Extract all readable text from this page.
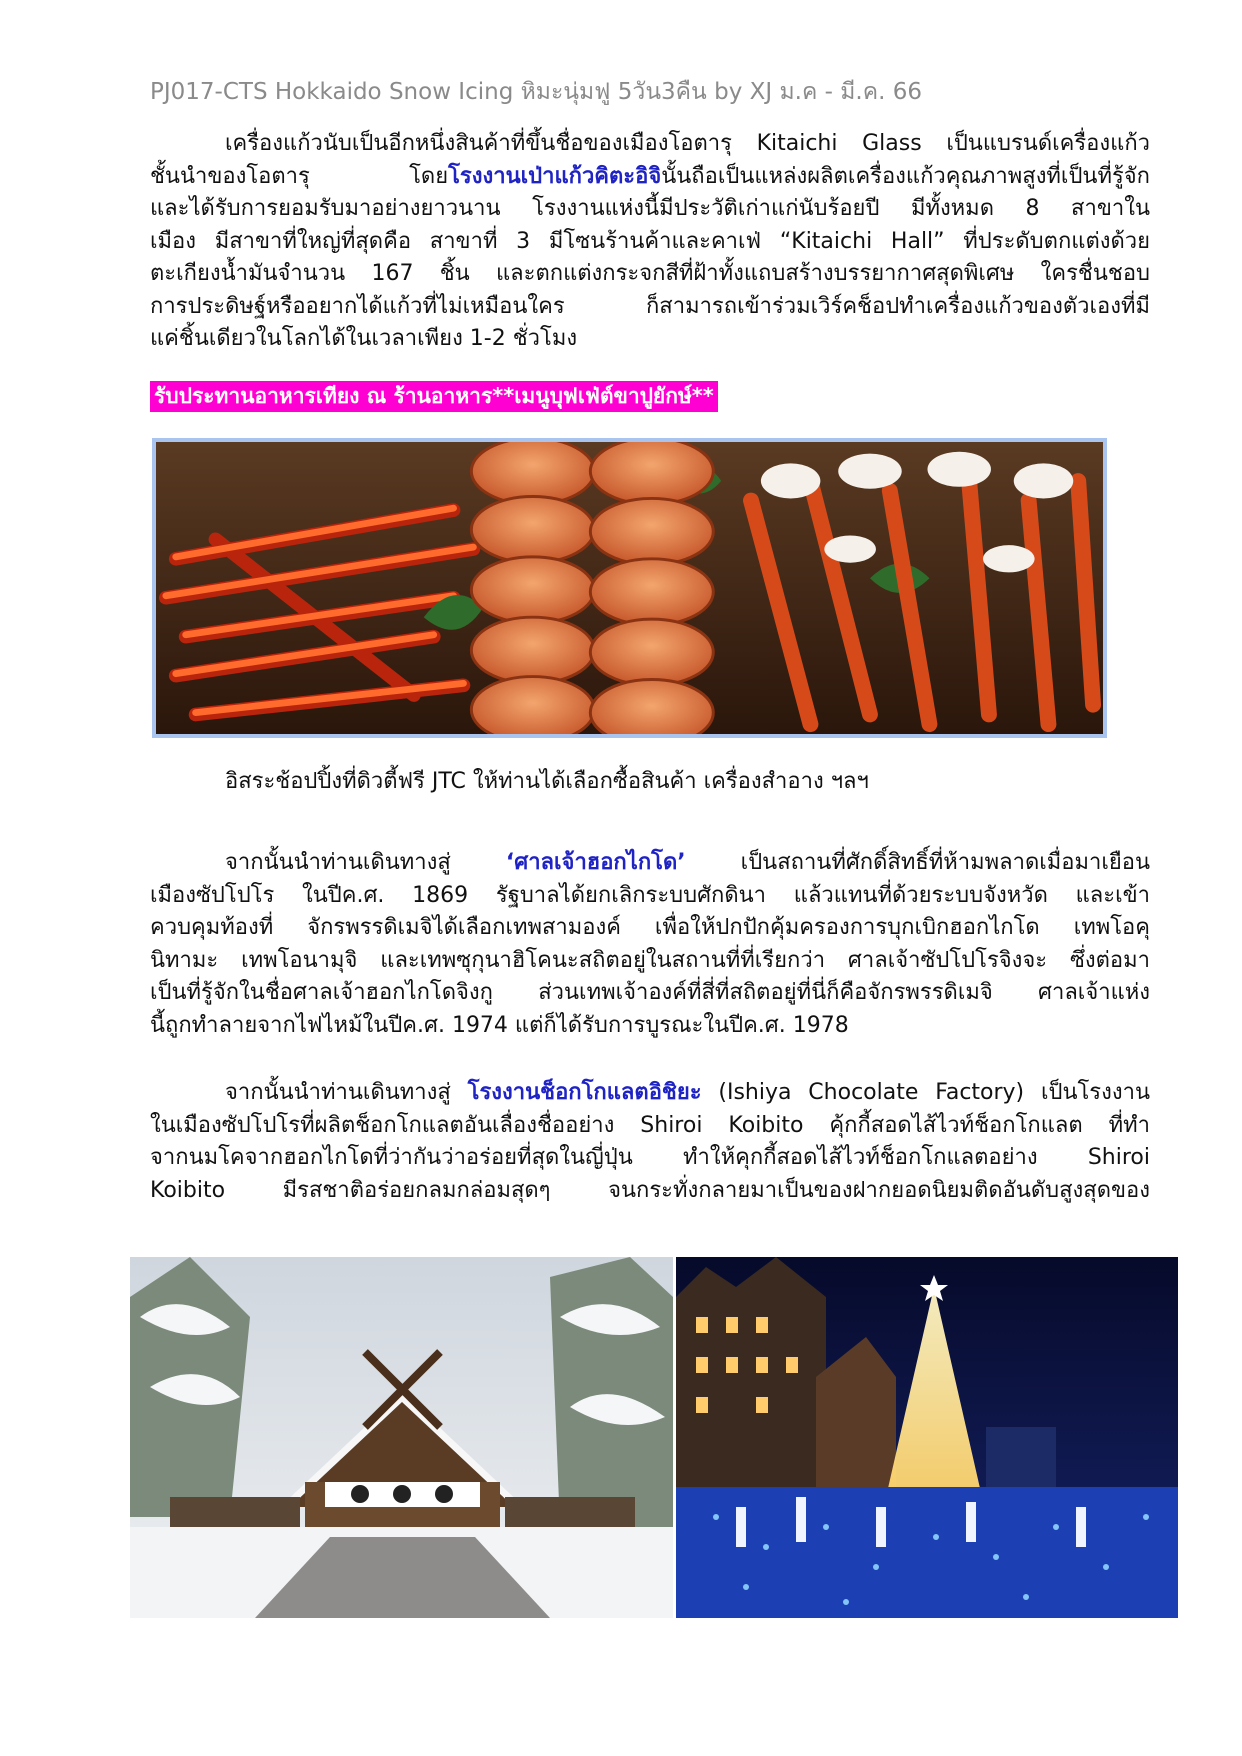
PJ017-CTS Hokkaido Snow Icing หิมะนุ่มฟู 5วัน3คืน by XJ ม.ค - มี.ค. 66
เครื่องแก้วนับเป็นอีกหนึ่งสินค้าที่ขึ้นชื่อของเมืองโอตารุ Kitaichi Glass เป็นแบรนด์เครื่องแก้ว
ชั้นนำของโอตารุ โดยโรงงานเป่าแก้วคิตะอิจินั้นถือเป็นแหล่งผลิตเครื่องแก้วคุณภาพสูงที่เป็นที่รู้จัก
และได้รับการยอมรับมาอย่างยาวนาน โรงงานแห่งนี้มีประวัติเก่าแก่นับร้อยปี มีทั้งหมด 8 สาขาใน
เมือง มีสาขาที่ใหญ่ที่สุดคือ สาขาที่ 3 มีโซนร้านค้าและคาเฟ่ “Kitaichi Hall” ที่ประดับตกแต่งด้วย
ตะเกียงน้ำมันจำนวน 167 ชิ้น และตกแต่งกระจกสีที่ฝ้าทั้งแถบสร้างบรรยากาศสุดพิเศษ ใครชื่นชอบ
การประดิษฐ์หรืออยากได้แก้วที่ไม่เหมือนใคร ก็สามารถเข้าร่วมเวิร์คช็อปทำเครื่องแก้วของตัวเองที่มี
แค่ชิ้นเดียวในโลกได้ในเวลาเพียง 1-2 ชั่วโมง
รับประทานอาหารเทียง ณ ร้านอาหาร**เมนูบุฟเฟ่ต์ขาปูยักษ์**
อิสระช้อปปิ้งที่ดิวตี้ฟรี JTC ให้ท่านได้เลือกซื้อสินค้า เครื่องสำอาง ฯลฯ
จากนั้นนำท่านเดินทางสู่	‘ศาลเจ้าฮอกไกโด’	เป็นสถานที่ศักดิ์สิทธิ์ที่ห้ามพลาดเมื่อมาเยือน
เมืองซัปโปโร ในปีค.ศ. 1869 รัฐบาลได้ยกเลิกระบบศักดินา แล้วแทนที่ด้วยระบบจังหวัด และเข้า
ควบคุมท้องที่ จักรพรรดิเมจิได้เลือกเทพสามองค์ เพื่อให้ปกปักคุ้มครองการบุกเบิกฮอกไกโด เทพโอคุ
นิทามะ เทพโอนามุจิ และเทพซุกุนาฮิโคนะสถิตอยู่ในสถานที่ที่เรียกว่า ศาลเจ้าซัปโปโรจิงจะ ซึ่งต่อมา
เป็นที่รู้จักในชื่อศาลเจ้าฮอกไกโดจิงกู ส่วนเทพเจ้าองค์ที่สี่ที่สถิตอยู่ที่นี่ก็คือจักรพรรดิเมจิ ศาลเจ้าแห่ง
นี้ถูกทำลายจากไฟไหม้ในปีค.ศ. 1974 แต่ก็ได้รับการบูรณะในปีค.ศ. 1978
จากนั้นนำท่านเดินทางสู่ โรงงานช็อกโกแลตอิชิยะ (Ishiya Chocolate Factory) เป็นโรงงาน
ในเมืองซัปโปโรที่ผลิตช็อกโกแลตอันเลื่องชื่ออย่าง Shiroi Koibito คุ้กกี้สอดไส้ไวท์ช็อกโกแลต ที่ทำ
จากนมโคจากฮอกไกโดที่ว่ากันว่าอร่อยที่สุดในญี่ปุ่น ทำให้คุกกี้สอดไส้ไวท์ช็อกโกแลตอย่าง Shiroi
Koibito มีรสชาติอร่อยกลมกล่อมสุดๆ จนกระทั่งกลายมาเป็นของฝากยอดนิยมติดอันดับสูงสุดของ
